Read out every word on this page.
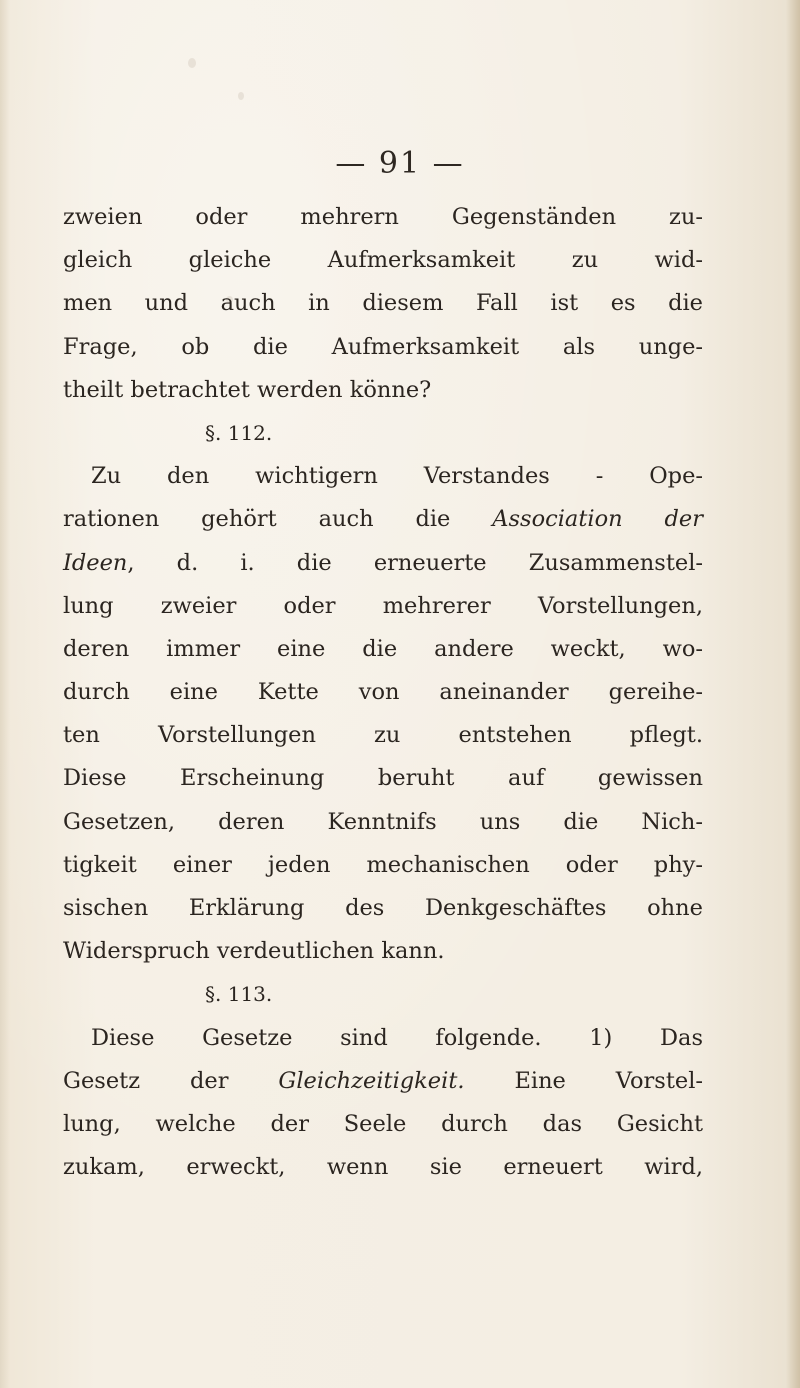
— 91 —
zweien oder mehrern Gegenständen zu-
gleich gleiche Aufmerksamkeit zu wid-
men und auch in diesem Fall ist es die
Frage, ob die Aufmerksamkeit als unge-
theilt betrachtet werden könne?
§. 112.
Zu den wichtigern Verstandes - Ope-
rationen gehört auch die Association der
Ideen, d. i. die erneuerte Zusammenstel-
lung zweier oder mehrerer Vorstellungen,
deren immer eine die andere weckt, wo-
durch eine Kette von aneinander gereihe-
ten Vorstellungen zu entstehen pflegt.
Diese Erscheinung beruht auf gewissen
Gesetzen, deren Kenntnifs uns die Nich-
tigkeit einer jeden mechanischen oder phy-
sischen Erklärung des Denkgeschäftes ohne
Widerspruch verdeutlichen kann.
§. 113.
Diese Gesetze sind folgende. 1) Das
Gesetz der Gleichzeitigkeit. Eine Vorstel-
lung, welche der Seele durch das Gesicht
zukam, erweckt, wenn sie erneuert wird,
